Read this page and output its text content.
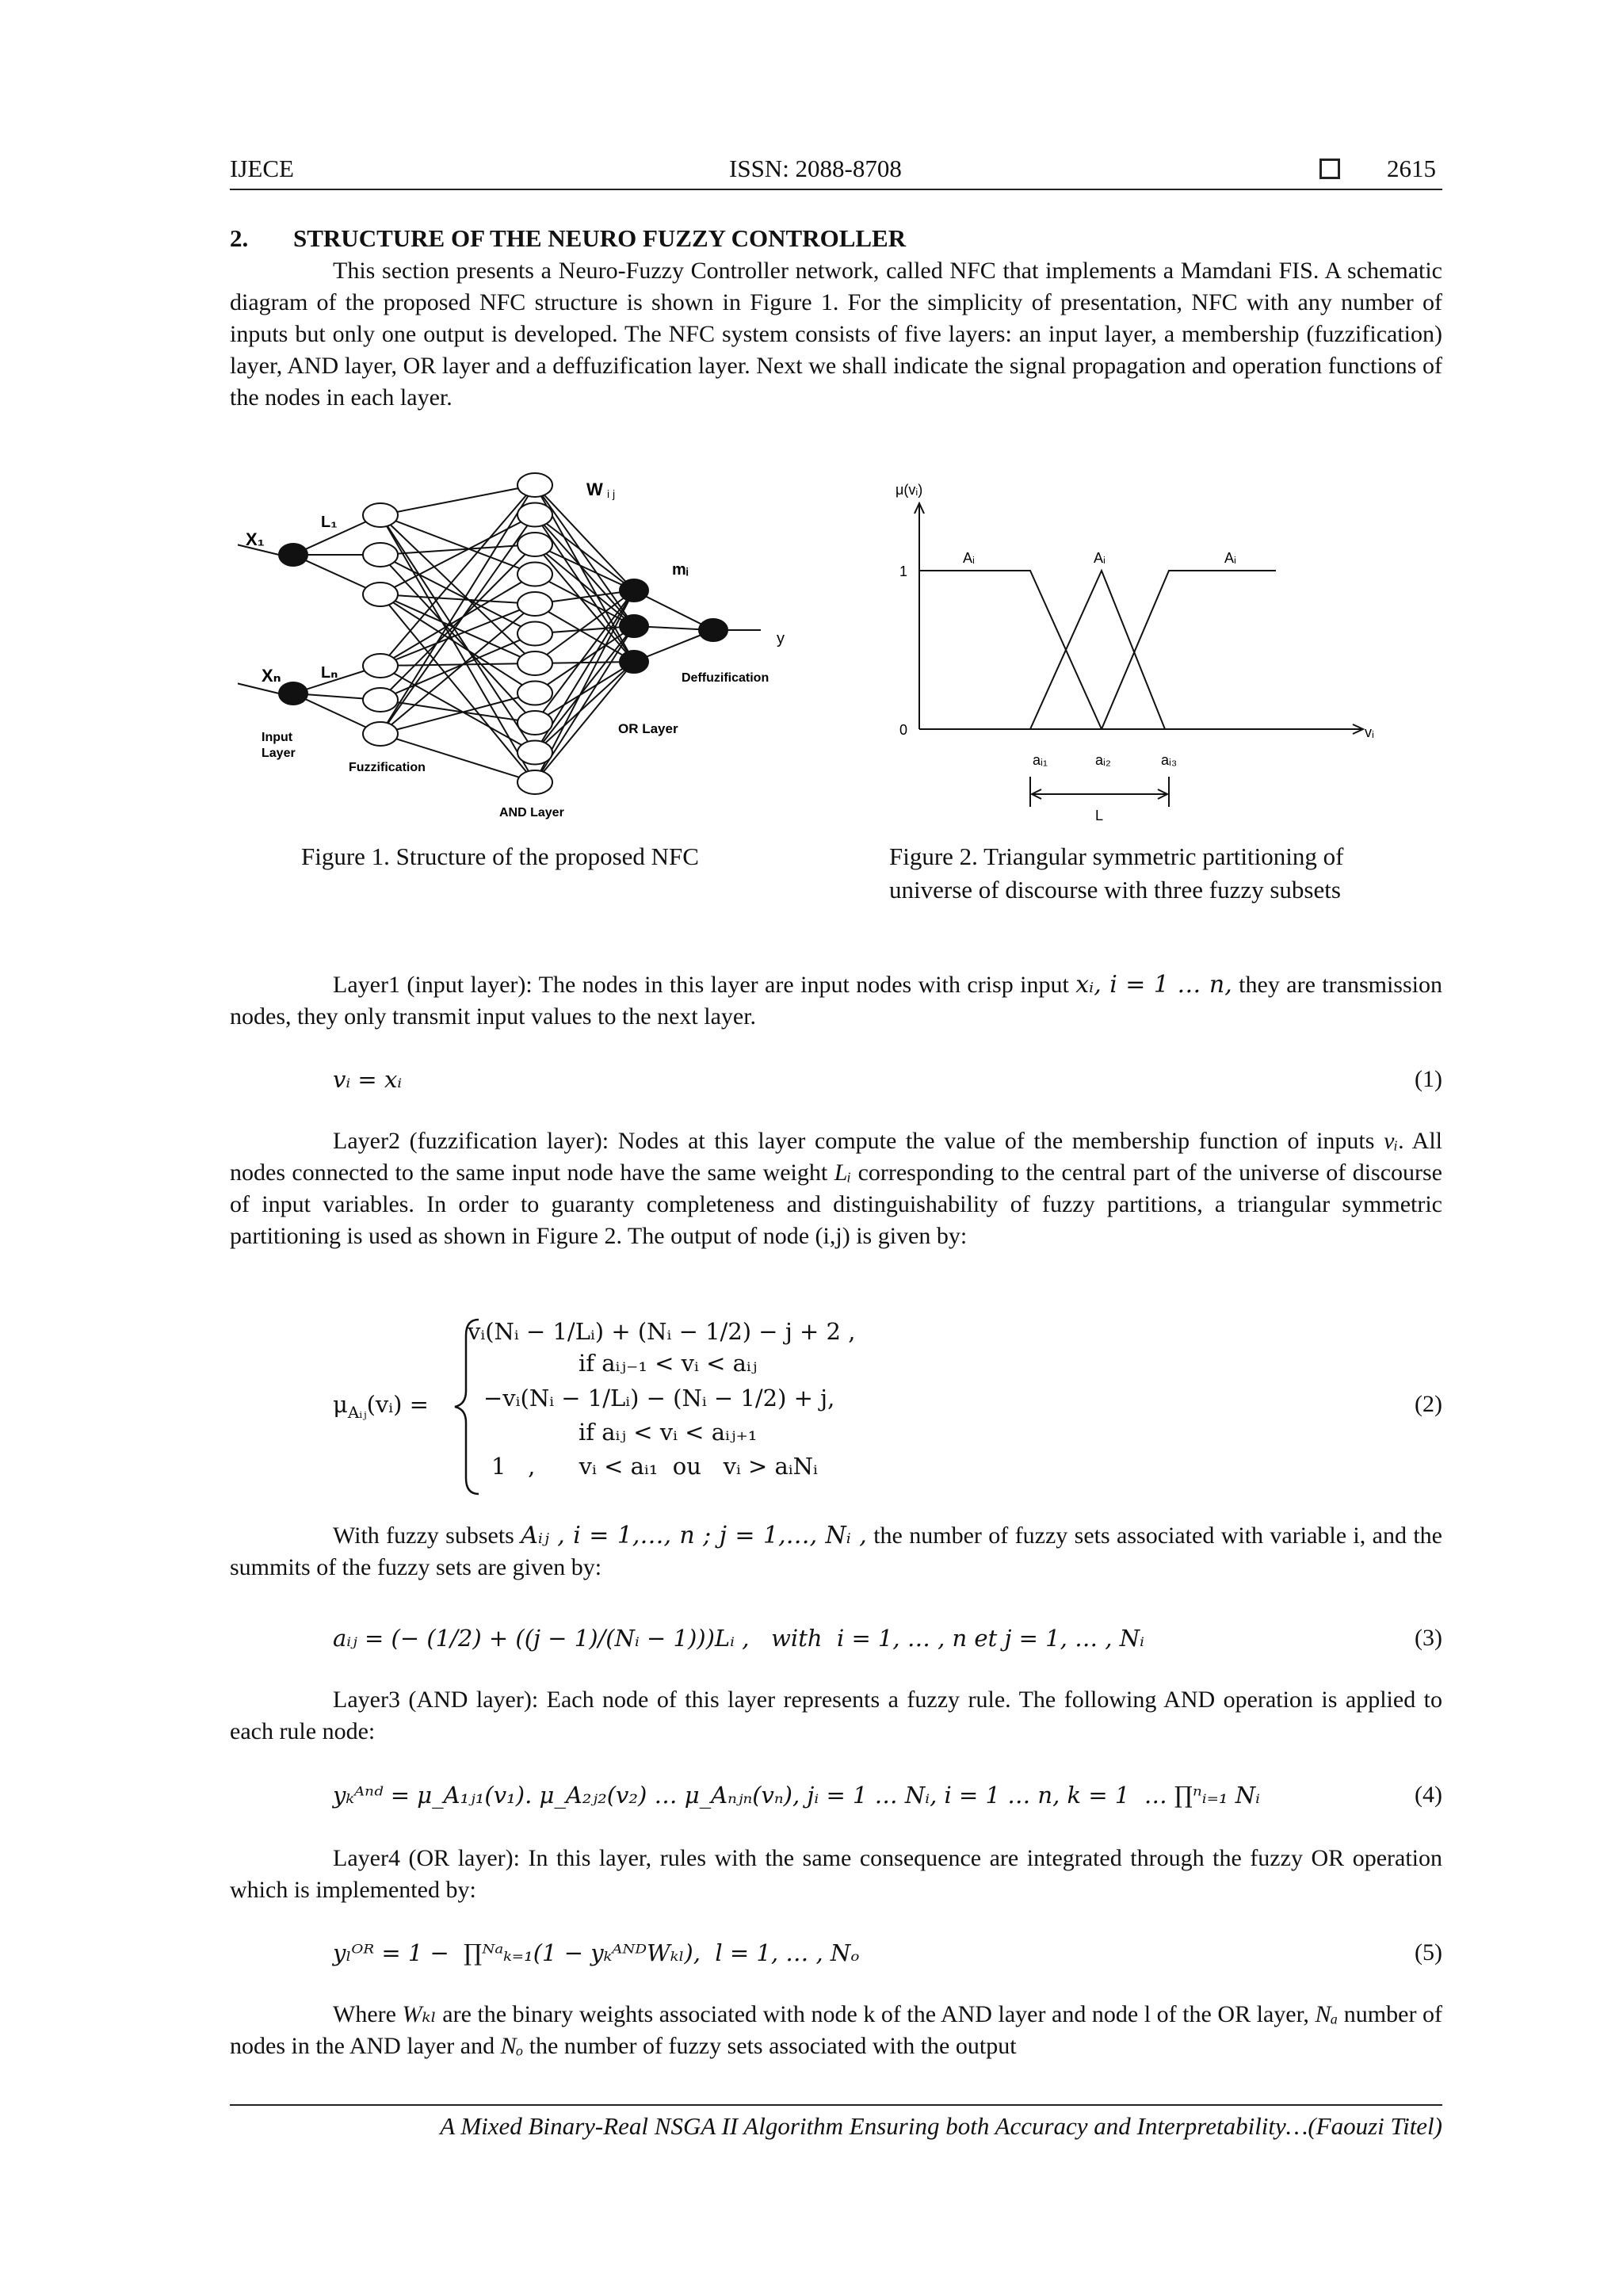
IJECE	ISSN: 2088-8708	2615
2. STRUCTURE OF THE NEURO FUZZY CONTROLLER

This section presents a Neuro-Fuzzy Controller network, called NFC that implements a Mamdani FIS. A schematic diagram of the proposed NFC structure is shown in Figure 1. For the simplicity of presentation, NFC with any number of inputs but only one output is developed. The NFC system consists of five layers: an input layer, a membership (fuzzification) layer, AND layer, OR layer and a deffuzification layer. Next we shall indicate the signal propagation and operation functions of the nodes in each layer.

X₁
Xₙ
L₁
Lₙ
W i j
mᵢ
y
Input
Layer
Fuzzification
AND Layer
OR Layer
Deffuzification
Figure 1. Structure of the proposed NFC
μ(vᵢ)
1
0	vᵢ
Aᵢ	Aᵢ	Aᵢ
aᵢ₁	aᵢ₂	aᵢ₃
L
Figure 2. Triangular symmetric partitioning of
universe of discourse with three fuzzy subsets

Layer1 (input layer): The nodes in this layer are input nodes with crisp input xᵢ, i = 1 … n, they are transmission nodes, they only transmit input values to the next layer.

vᵢ = xᵢ	(1)

Layer2 (fuzzification layer): Nodes at this layer compute the value of the membership function of inputs vᵢ. All nodes connected to the same input node have the same weight Lᵢ corresponding to the central part of the universe of discourse of input variables. In order to guaranty completeness and distinguishability of fuzzy partitions, a triangular symmetric partitioning is used as shown in Figure 2. The output of node (i,j) is given by:

$\mu_{Aᵢⱼ}(vᵢ)$ =
vᵢ(Nᵢ − 1/Lᵢ) + (Nᵢ − 1/2) − j + 2 ,
if aᵢⱼ₋₁ < vᵢ < aᵢⱼ
−vᵢ(Nᵢ − 1/Lᵢ) − (Nᵢ − 1/2) + j,
if aᵢⱼ < vᵢ < aᵢⱼ₊₁
1   ,      vᵢ < aᵢ₁  ou   vᵢ > aᵢNᵢ
(2)

With fuzzy subsets Aᵢⱼ , i = 1,…, n ; j = 1,…, Nᵢ , the number of fuzzy sets associated with variable i, and the summits of the fuzzy sets are given by:

aᵢⱼ = (− (1/2) + ((j − 1)/(Nᵢ − 1)))Lᵢ ,   with  i = 1, … , n et j = 1, … , Nᵢ	(3)

Layer3 (AND layer): Each node of this layer represents a fuzzy rule. The following AND operation is applied to each rule node:

yₖᴬⁿᵈ = μ_A₁ⱼ₁(v₁). μ_A₂ⱼ₂(v₂) … μ_Aₙⱼₙ(vₙ), jᵢ = 1 … Nᵢ, i = 1 … n, k = 1  … ∏ⁿᵢ₌₁ Nᵢ	(4)

Layer4 (OR layer): In this layer, rules with the same consequence are integrated through the fuzzy OR operation which is implemented by:

yₗᴼᴿ = 1 −  ∏ᴺᵃₖ₌₁(1 − yₖᴬᴺᴰWₖₗ),  l = 1, … , Nₒ	(5)

Where Wₖₗ are the binary weights associated with node k of the AND layer and node l of the OR layer, Nₐ number of nodes in the AND layer and Nₒ the number of fuzzy sets associated with the output

A Mixed Binary-Real NSGA II Algorithm Ensuring both Accuracy and Interpretability…(Faouzi Titel)
